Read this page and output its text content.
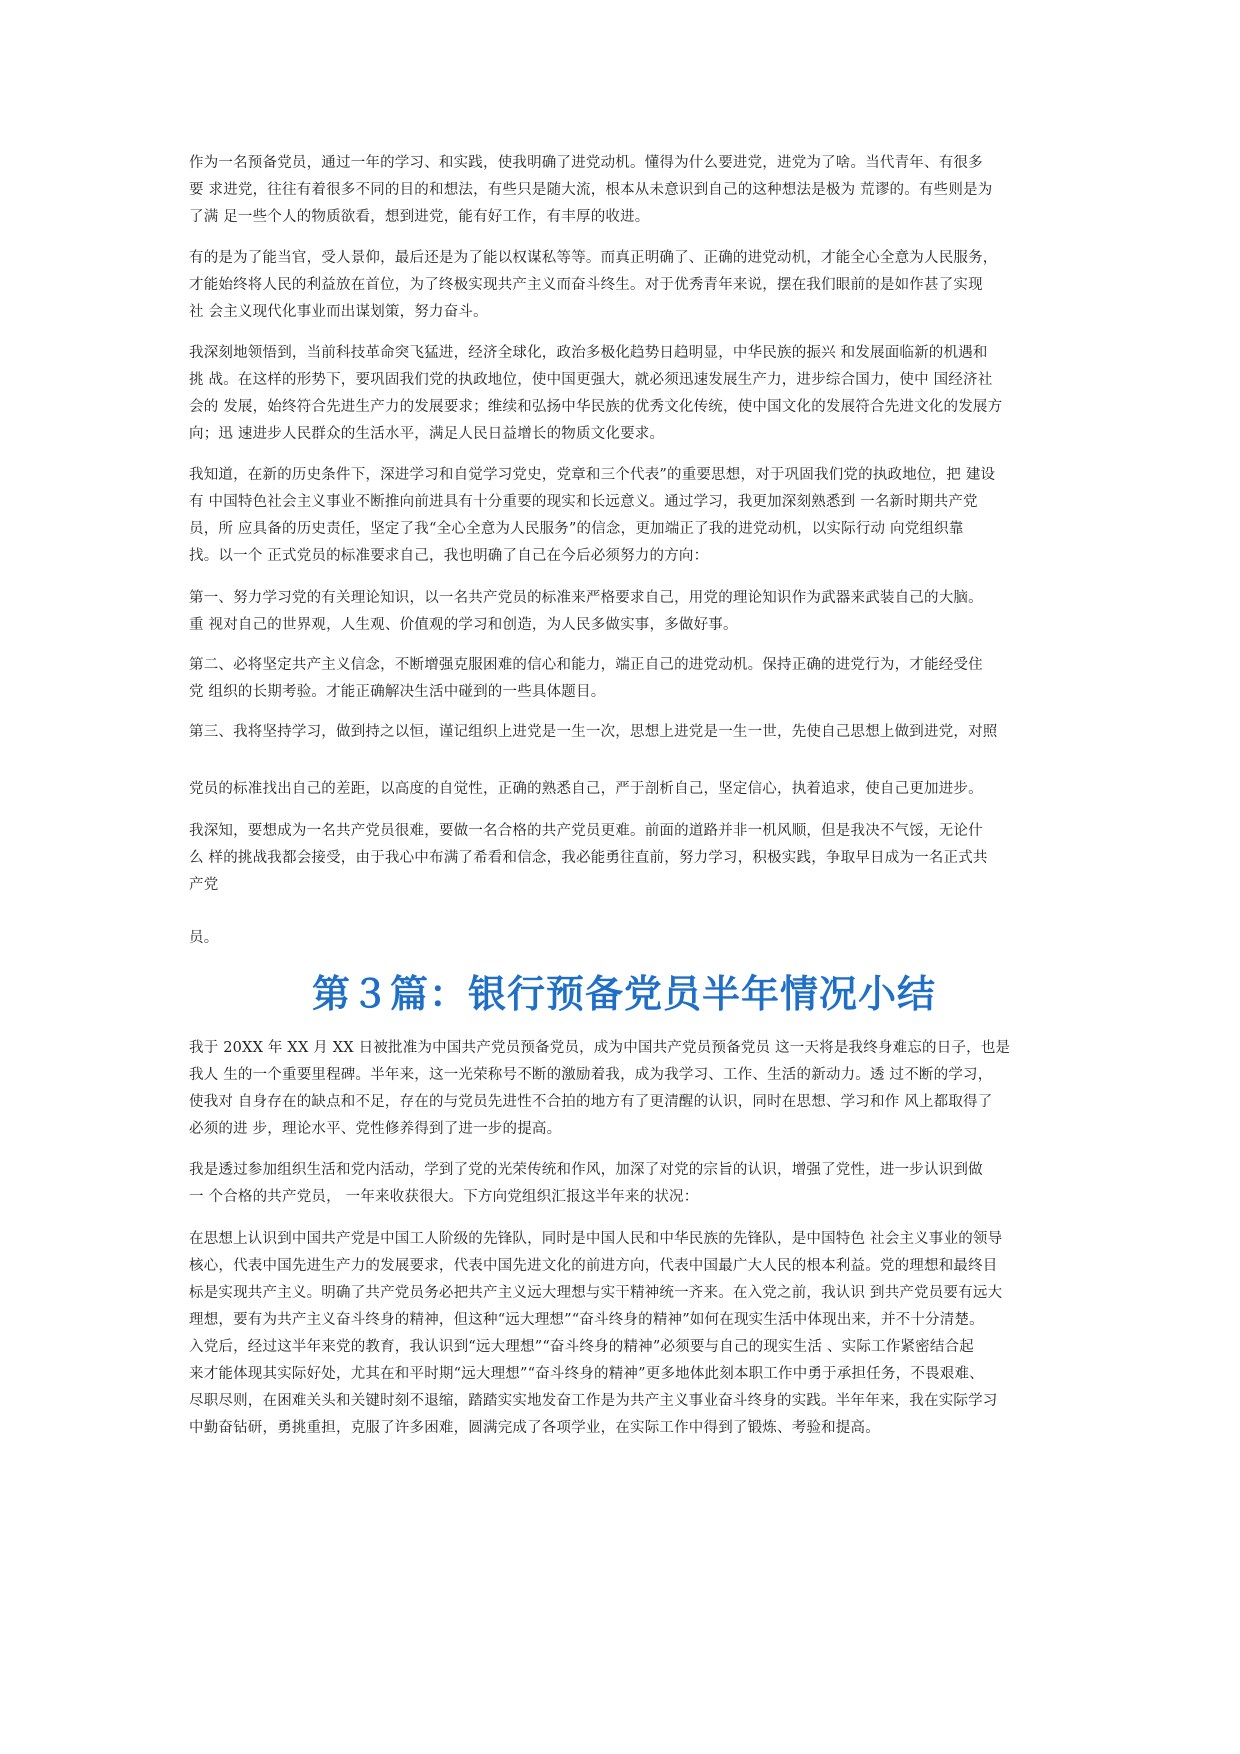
作为一名预备党员，通过一年的学习、和实践，使我明确了进党动机。懂得为什么要进党，进党为了啥。当代青年、有很多
要 求进党，往往有着很多不同的目的和想法，有些只是随大流，根本从未意识到自己的这种想法是极为 荒谬的。有些则是为
了满 足一些个人的物质欲看，想到进党，能有好工作，有丰厚的收进。

有的是为了能当官，受人景仰，最后还是为了能以权谋私等等。而真正明确了、正确的进党动机，才能全心全意为人民服务，
才能始终将人民的利益放在首位，为了终极实现共产主义而奋斗终生。对于优秀青年来说，摆在我们眼前的是如作甚了实现
社 会主义现代化事业而出谋划策，努力奋斗。

我深刻地领悟到，当前科技革命突飞猛进，经济全球化，政治多极化趋势日趋明显，中华民族的振兴 和发展面临新的机遇和
挑 战。在这样的形势下，要巩固我们党的执政地位，使中国更强大，就必须迅速发展生产力，进步综合国力，使中 国经济社
会的 发展，始终符合先进生产力的发展要求；维续和弘扬中华民族的优秀文化传统，使中国文化的发展符合先进文化的发展方
向；迅 速进步人民群众的生活水平，满足人民日益增长的物质文化要求。

我知道，在新的历史条件下，深进学习和自觉学习党史，党章和三个代表”的重要思想，对于巩固我们党的执政地位，把 建设
有 中国特色社会主义事业不断推向前进具有十分重要的现实和长远意义。通过学习，我更加深刻熟悉到 一名新时期共产党
员，所 应具备的历史责任，坚定了我“全心全意为人民服务”的信念，更加端正了我的进党动机，以实际行动 向党组织靠
找。以一个 正式党员的标准要求自己，我也明确了自己在今后必须努力的方向：

第一、努力学习党的有关理论知识，以一名共产党员的标准来严格要求自己，用党的理论知识作为武器来武装自己的大脑。
重 视对自己的世界观，人生观、价值观的学习和创造，为人民多做实事，多做好事。

第二、必将坚定共产主义信念，不断增强克服困难的信心和能力，端正自己的进党动机。保持正确的进党行为，才能经受住
党 组织的长期考验。才能正确解决生活中碰到的一些具体题目。

第三、我将坚持学习，做到持之以恒，谨记组织上进党是一生一次，思想上进党是一生一世，先使自己思想上做到进党，对照

党员的标准找出自己的差距，以高度的自觉性，正确的熟悉自己，严于剖析自己，坚定信心，执着追求，使自己更加进步。

我深知，要想成为一名共产党员很难，要做一名合格的共产党员更难。前面的道路并非一机风顺，但是我决不气馁，无论什
么 样的挑战我都会接受，由于我心中布满了希看和信念，我必能勇往直前，努力学习，积极实践，争取早日成为一名正式共
产党

员。

第３篇：银行预备党员半年情况小结

我于 20XX 年 XX 月 XX 日被批准为中国共产党员预备党员，成为中国共产党员预备党员 这一天将是我终身难忘的日子，也是
我人 生的一个重要里程碑。半年来，这一光荣称号不断的激励着我，成为我学习、工作、生活的新动力。透 过不断的学习，
使我对 自身存在的缺点和不足，存在的与党员先进性不合拍的地方有了更清醒的认识，同时在思想、学习和作 风上都取得了
必须的进 步，理论水平、党性修养得到了进一步的提高。

我是透过参加组织生活和党内活动，学到了党的光荣传统和作风，加深了对党的宗旨的认识，增强了党性，进一步认识到做
一 个合格的共产党员， 一年来收获很大。下方向党组织汇报这半年来的状况：

在思想上认识到中国共产党是中国工人阶级的先锋队，同时是中国人民和中华民族的先锋队，是中国特色 社会主义事业的领导
核心，代表中国先进生产力的发展要求，代表中国先进文化的前进方向，代表中国最广大人民的根本利益。党的理想和最终目
标是实现共产主义。明确了共产党员务必把共产主义远大理想与实干精神统一齐来。在入党之前，我认识 到共产党员要有远大
理想，要有为共产主义奋斗终身的精神，但这种“远大理想”“奋斗终身的精神”如何在现实生活中体现出来，并不十分清楚。
入党后，经过这半年来党的教育，我认识到“远大理想”“奋斗终身的精神”必须要与自己的现实生活 、实际工作紧密结合起
来才能体现其实际好处，尤其在和平时期“远大理想”“奋斗终身的精神”更多地体此刻本职工作中勇于承担任务，不畏艰难、
尽职尽则，在困难关头和关键时刻不退缩，踏踏实实地发奋工作是为共产主义事业奋斗终身的实践。半年年来，我在实际学习
中勤奋钻研，勇挑重担，克服了许多困难，圆满完成了各项学业，在实际工作中得到了锻炼、考验和提高。
